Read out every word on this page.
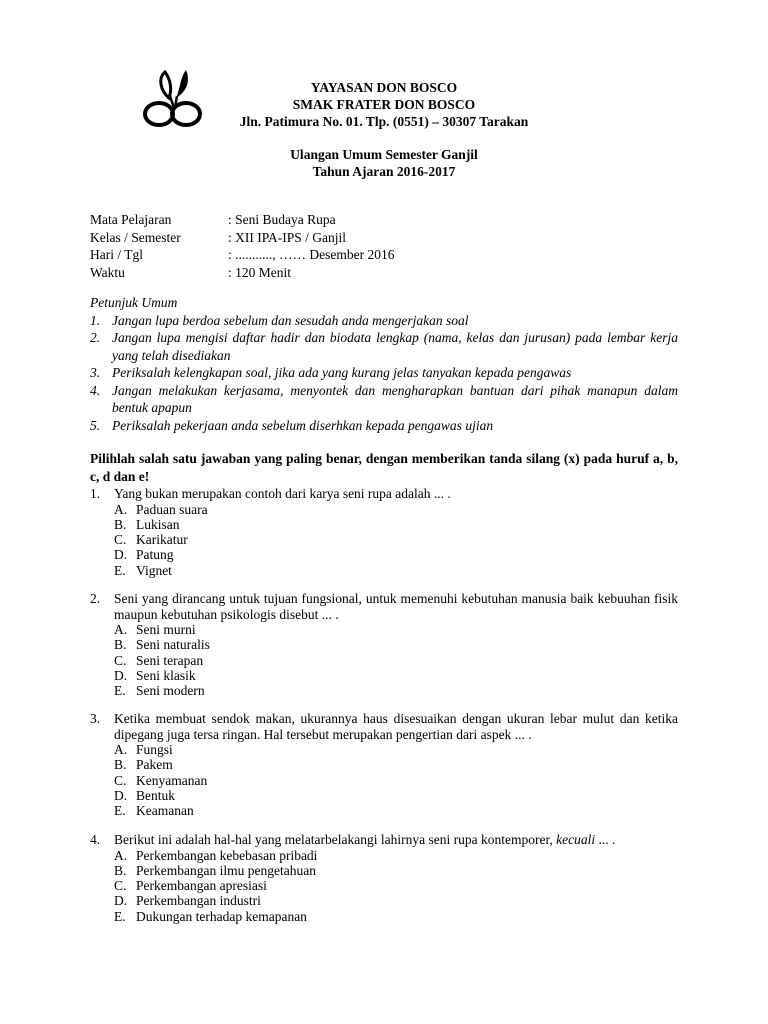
YAYASAN DON BOSCO
SMAK FRATER DON BOSCO
Jln. Patimura No. 01. Tlp. (0551) – 30307 Tarakan
Ulangan Umum Semester Ganjil
Tahun Ajaran 2016-2017
Mata Pelajaran	: Seni Budaya Rupa
Kelas / Semester	: XII IPA-IPS / Ganjil
Hari / Tgl	: ..........., …… Desember 2016
Waktu	: 120 Menit
Petunjuk Umum
1. Jangan lupa berdoa sebelum dan sesudah anda mengerjakan soal
2. Jangan lupa mengisi daftar hadir dan biodata lengkap (nama, kelas dan jurusan) pada lembar kerja yang telah disediakan
3. Periksalah kelengkapan soal, jika ada yang kurang jelas tanyakan kepada pengawas
4. Jangan melakukan kerjasama, menyontek dan mengharapkan bantuan dari pihak manapun dalam bentuk apapun
5. Periksalah pekerjaan anda sebelum diserhkan kepada pengawas ujian
Pilihlah salah satu jawaban yang paling benar, dengan memberikan tanda silang (x) pada huruf a, b, c, d dan e!
1.	Yang bukan merupakan contoh dari karya seni rupa adalah ... .
A. Paduan suara
B. Lukisan
C. Karikatur
D. Patung
E. Vignet
2.	Seni yang dirancang untuk tujuan fungsional, untuk memenuhi kebutuhan manusia baik kebuuhan fisik maupun kebutuhan psikologis disebut ... .
A. Seni murni
B. Seni naturalis
C. Seni terapan
D. Seni klasik
E. Seni modern
3.	Ketika membuat sendok makan, ukurannya haus disesuaikan dengan ukuran lebar mulut dan ketika dipegang juga tersa ringan. Hal tersebut merupakan pengertian dari aspek ... .
A. Fungsi
B. Pakem
C. Kenyamanan
D. Bentuk
E. Keamanan
4.	Berikut ini adalah hal-hal yang melatarbelakangi lahirnya seni rupa kontemporer, kecuali ... .
A. Perkembangan kebebasan pribadi
B. Perkembangan ilmu pengetahuan
C. Perkembangan apresiasi
D. Perkembangan industri
E. Dukungan terhadap kemapanan
